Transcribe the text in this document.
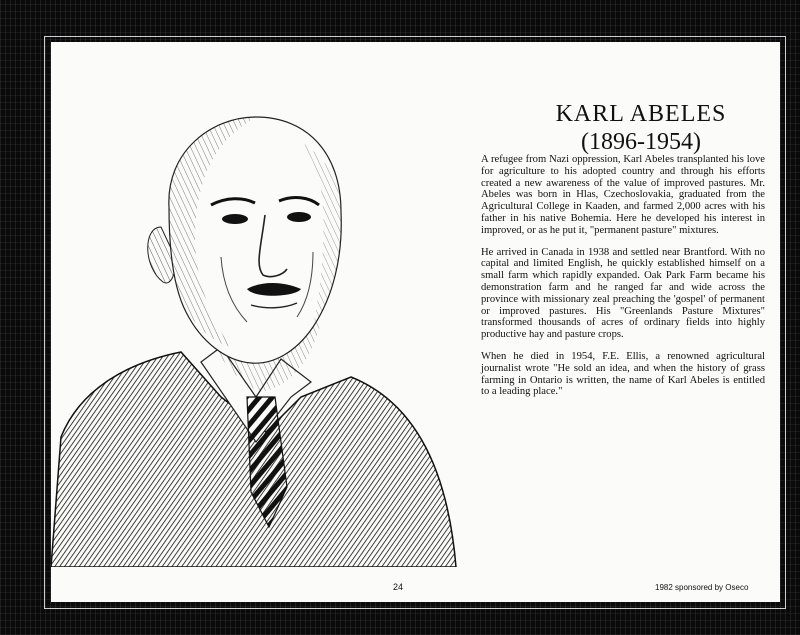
KARL ABELES
(1896-1954)

A refugee from Nazi oppression, Karl Abeles transplanted his love for agriculture to his adopted country and through his efforts created a new awareness of the value of improved pastures. Mr. Abeles was born in Hlas, Czechoslovakia, graduated from the Agricultural College in Kaaden, and farmed 2,000 acres with his father in his native Bohemia. Here he developed his interest in improved, or as he put it, "permanent pasture" mixtures.

He arrived in Canada in 1938 and settled near Brantford. With no capital and limited English, he quickly established himself on a small farm which rapidly expanded. Oak Park Farm became his demonstration farm and he ranged far and wide across the province with missionary zeal preaching the 'gospel' of permanent or improved pastures. His "Greenlands Pasture Mixtures" transformed thousands of acres of ordinary fields into highly productive hay and pasture crops.

When he died in 1954, F.E. Ellis, a renowned agricultural journalist wrote "He sold an idea, and when the history of grass farming in Ontario is written, the name of Karl Abeles is entitled to a leading place."

24	1982 sponsored by Oseco
